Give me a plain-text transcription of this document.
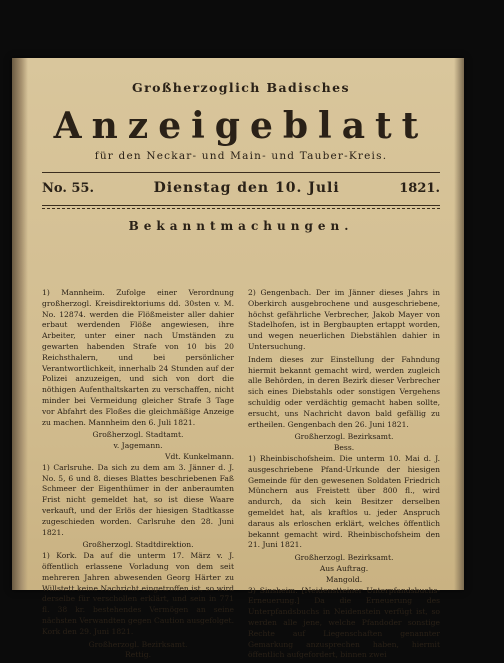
Großherzoglich Badisches
Anzeigeblatt
für den Neckar- und Main- und Tauber-Kreis.
No. 55.	Dienstag den 10. Juli	1821.
Bekanntmachungen.

1) Mannheim. Zufolge einer Verordnung großherzogl. Kreisdirektoriums dd. 30sten v. M. No. 12874. werden die Flößmeister aller dahier erbaut werdenden Flöße angewiesen, ihre Arbeiter, unter einer nach Umständen zu gewarten habenden Strafe von 10 bis 20 Reichsthalern, und bei persönlicher Verantwortlichkeit, innerhalb 24 Stunden auf der Polizei anzuzeigen, und sich von dort die nöthigen Aufenthaltskarten zu verschaffen, nicht minder bei Vermeidung gleicher Strafe 3 Tage vor Abfahrt des Floßes die gleichmäßige Anzeige zu machen. Mannheim den 6. Juli 1821.

Großherzogl. Stadtamt.

v. Jagemann.

Vdt. Kunkelmann.

1) Carlsruhe. Da sich zu dem am 3. Jänner d. J. No. 5, 6 und 8. dieses Blattes beschriebenen Faß Schmeer der Eigenthümer in der anberaumten Frist nicht gemeldet hat, so ist diese Waare verkauft, und der Erlös der hiesigen Stadtkasse zugeschieden worden. Carlsruhe den 28. Juni 1821.

Großherzogl. Stadtdirektion.

1) Kork. Da auf die unterm 17. März v. J. öffentlich erlassene Vorladung von dem seit mehreren Jahren abwesenden Georg Härter zu Willstett keine Nachricht eingetroffen ist, so wird derselbe für verschollen erklärt, und sein in 771 fl. 38 kr. bestehendes Vermögen an seine nächsten Verwandten gegen Caution ausgefolget. Kork den 29. Juni 1821.

Großherzogl. Bezirksamt.

Rettig.

2) Gengenbach. Der im Jänner dieses Jahrs in Oberkirch ausgebrochene und ausgeschriebene, höchst gefährliche Verbrecher, Jakob Mayer von Stadelhofen, ist in Bergbaupten ertappt worden, und wegen neuerlichen Diebstählen dahier in Untersuchung.

Indem dieses zur Einstellung der Fahndung hiermit bekannt gemacht wird, werden zugleich alle Behörden, in deren Bezirk dieser Verbrecher sich eines Diebstahls oder sonstigen Vergehens schuldig oder verdächtig gemacht haben sollte, ersucht, uns Nachricht davon bald gefällig zu ertheilen. Gengenbach den 26. Juni 1821.

Großherzogl. Bezirksamt.

Bess.

1) Rheinbischofsheim. Die unterm 10. Mai d. J. ausgeschriebene Pfand-Urkunde der hiesigen Gemeinde für den gewesenen Soldaten Friedrich Münchern aus Freistett über 800 fl., wird andurch, da sich kein Besitzer derselben gemeldet hat, als kraftlos u. jeder Anspruch daraus als erloschen erklärt, welches öffentlich bekannt gemacht wird. Rheinbischofsheim den 21. Juni 1821.

Großherzogl. Bezirksamt.

Aus Auftrag.

Mangold.

3) Sinsheim. [Neidenstteiner Unterpfandsbuchs-Erneuerung.] Da die Erneuerung des Unterpfandsbuchs in Neidenstein verfügt ist, so werden alle jene, welche Pfandoder sonstige Rechte auf Liegenschaften genannter Gemarkung anzusprechen haben, hiermit öffentlich aufgefordert, binnen zwei
